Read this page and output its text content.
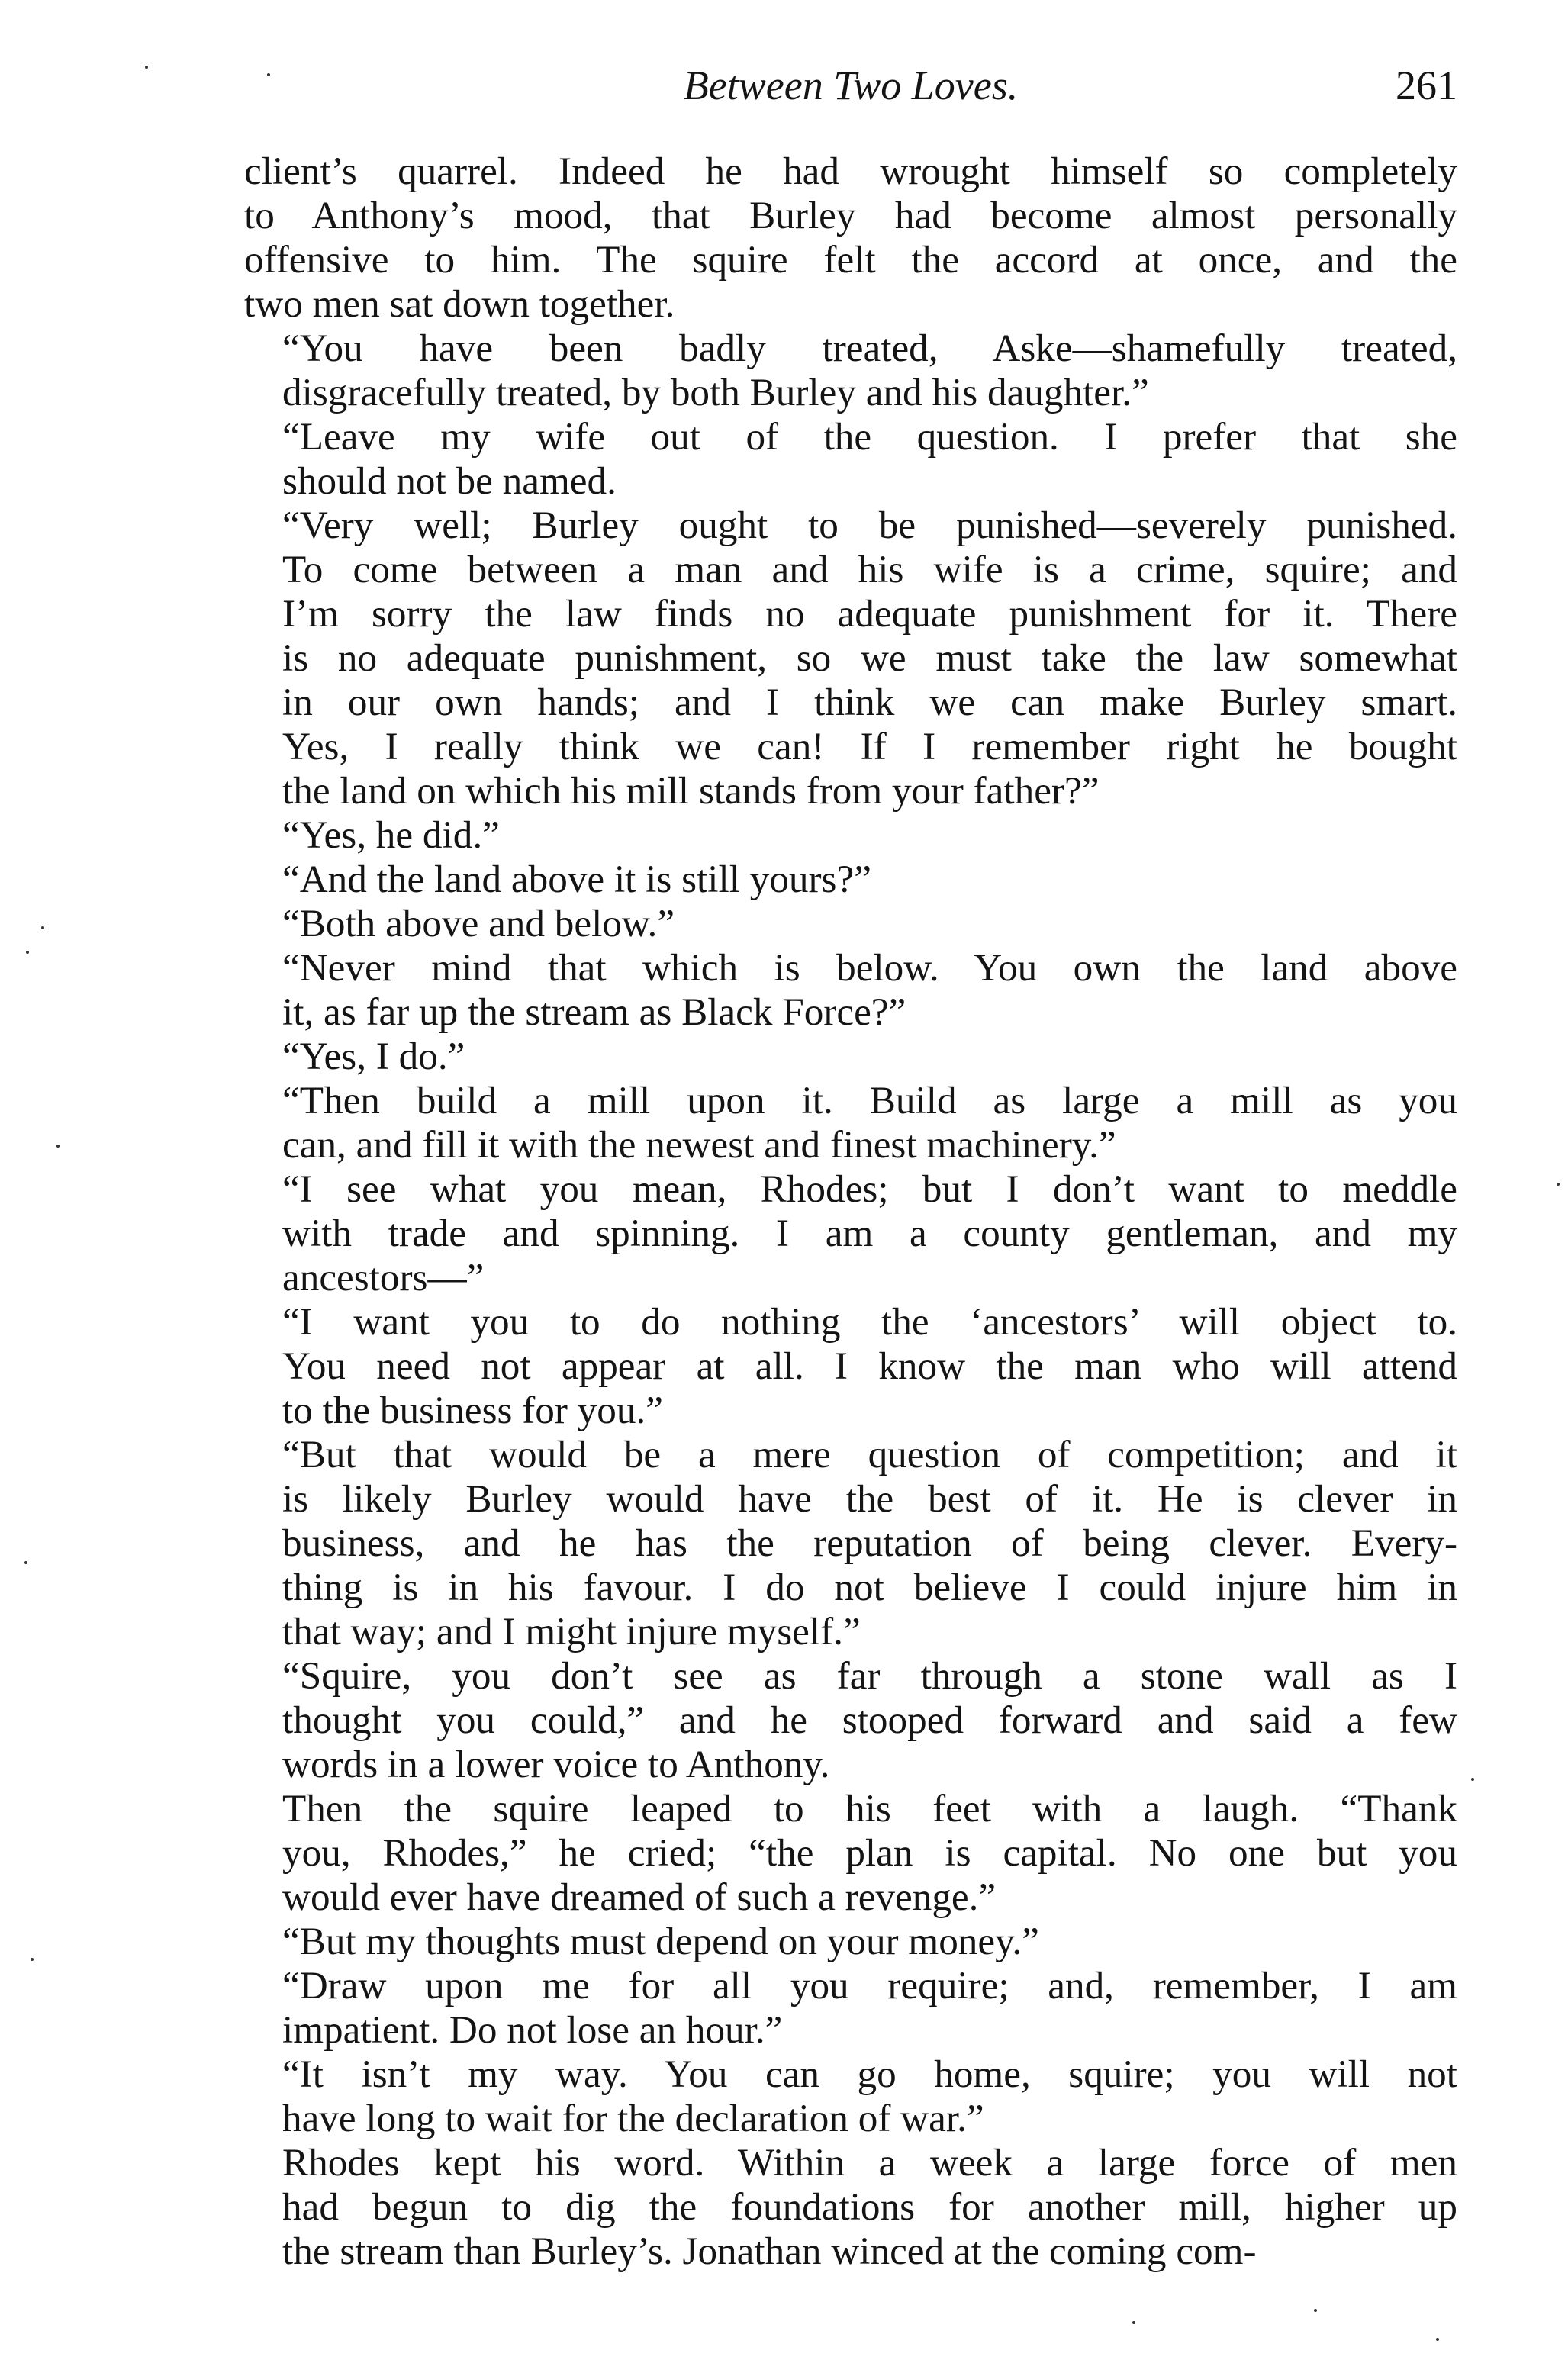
Between Two Loves.	261
client’s quarrel. Indeed he had wrought himself so completely
to Anthony’s mood, that Burley had become almost personally
offensive to him. The squire felt the accord at once, and the
two men sat down together.
“You have been badly treated, Aske—shamefully treated,
disgracefully treated, by both Burley and his daughter.”
“Leave my wife out of the question. I prefer that she
should not be named.
“Very well; Burley ought to be punished—severely punished.
To come between a man and his wife is a crime, squire; and
I’m sorry the law finds no adequate punishment for it. There
is no adequate punishment, so we must take the law somewhat
in our own hands; and I think we can make Burley smart.
Yes, I really think we can! If I remember right he bought
the land on which his mill stands from your father?”
“Yes, he did.”
“And the land above it is still yours?”
“Both above and below.”
“Never mind that which is below. You own the land above
it, as far up the stream as Black Force?”
“Yes, I do.”
“Then build a mill upon it. Build as large a mill as you
can, and fill it with the newest and finest machinery.”
“I see what you mean, Rhodes; but I don’t want to meddle
with trade and spinning. I am a county gentleman, and my
ancestors—”
“I want you to do nothing the ‘ancestors’ will object to.
You need not appear at all. I know the man who will attend
to the business for you.”
“But that would be a mere question of competition; and it
is likely Burley would have the best of it. He is clever in
business, and he has the reputation of being clever. Every-
thing is in his favour. I do not believe I could injure him in
that way; and I might injure myself.”
“Squire, you don’t see as far through a stone wall as I
thought you could,” and he stooped forward and said a few
words in a lower voice to Anthony.
Then the squire leaped to his feet with a laugh. “Thank
you, Rhodes,” he cried; “the plan is capital. No one but you
would ever have dreamed of such a revenge.”
“But my thoughts must depend on your money.”
“Draw upon me for all you require; and, remember, I am
impatient. Do not lose an hour.”
“It isn’t my way. You can go home, squire; you will not
have long to wait for the declaration of war.”
Rhodes kept his word. Within a week a large force of men
had begun to dig the foundations for another mill, higher up
the stream than Burley’s. Jonathan winced at the coming com-
